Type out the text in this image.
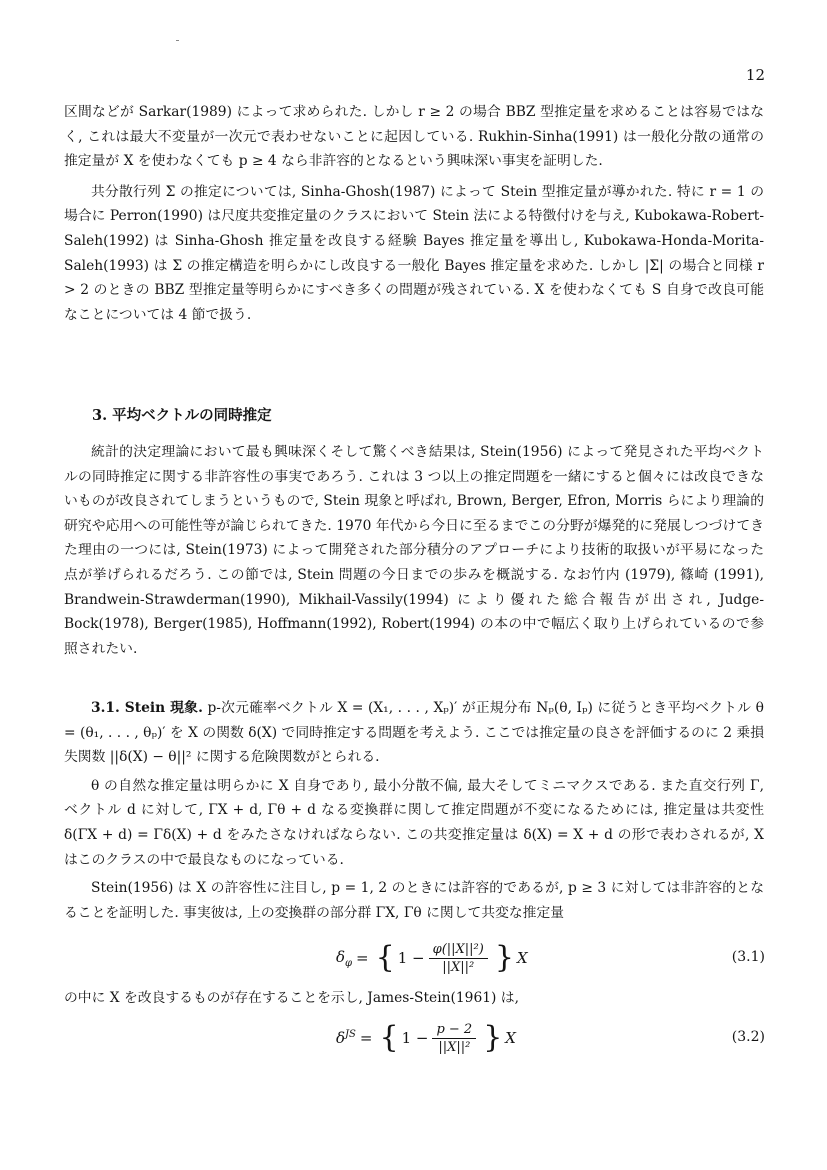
12

区間などが Sarkar(1989) によって求められた. しかし r ≥ 2 の場合 BBZ 型推定量を求めることは容易ではなく, これは最大不変量が一次元で表わせないことに起因している. Rukhin-Sinha(1991) は一般化分散の通常の推定量が X を使わなくても p ≥ 4 なら非許容的となるという興味深い事実を証明した.

共分散行列 Σ の推定については, Sinha-Ghosh(1987) によって Stein 型推定量が導かれた. 特に r = 1 の場合に Perron(1990) は尺度共変推定量のクラスにおいて Stein 法による特徴付けを与え, Kubokawa-Robert-Saleh(1992) は Sinha-Ghosh 推定量を改良する経験 Bayes 推定量を導出し, Kubokawa-Honda-Morita-Saleh(1993) は Σ の推定構造を明らかにし改良する一般化 Bayes 推定量を求めた. しかし |Σ| の場合と同様 r > 2 のときの BBZ 型推定量等明らかにすべき多くの問題が残されている. X を使わなくても S 自身で改良可能なことについては 4 節で扱う.

3. 平均ベクトルの同時推定

統計的決定理論において最も興味深くそして驚くべき結果は, Stein(1956) によって発見された平均ベクトルの同時推定に関する非許容性の事実であろう. これは 3 つ以上の推定問題を一緒にすると個々には改良できないものが改良されてしまうというもので, Stein 現象と呼ばれ, Brown, Berger, Efron, Morris らにより理論的研究や応用への可能性等が論じられてきた. 1970 年代から今日に至るまでこの分野が爆発的に発展しつづけてきた理由の一つには, Stein(1973) によって開発された部分積分のアプローチにより技術的取扱いが平易になった点が挙げられるだろう. この節では, Stein 問題の今日までの歩みを概説する. なお竹内 (1979), 篠崎 (1991), Brandwein-Strawderman(1990), Mikhail-Vassily(1994) により優れた総合報告が出され, Judge-Bock(1978), Berger(1985), Hoffmann(1992), Robert(1994) の本の中で幅広く取り上げられているので参照されたい.

3.1. Stein 現象. p-次元確率ベクトル X = (X₁, . . . , Xₚ)′ が正規分布 Nₚ(θ, Iₚ) に従うとき平均ベクトル θ = (θ₁, . . . , θₚ)′ を X の関数 δ(X) で同時推定する問題を考えよう. ここでは推定量の良さを評価するのに 2 乗損失関数 ||δ(X) − θ||² に関する危険関数がとられる.

θ の自然な推定量は明らかに X 自身であり, 最小分散不偏, 最大そしてミニマクスである. また直交行列 Γ, ベクトル d に対して, ΓX + d, Γθ + d なる変換群に関して推定問題が不変になるためには, 推定量は共変性 δ(ΓX + d) = Γδ(X) + d をみたさなければならない. この共変推定量は δ(X) = X + d の形で表わされるが, X はこのクラスの中で最良なものになっている.

Stein(1956) は X の許容性に注目し, p = 1, 2 のときには許容的であるが, p ≥ 3 に対しては非許容的となることを証明した. 事実彼は, 上の変換群の部分群 ΓX, Γθ に関して共変な推定量

$\delta_\varphi$ = { $1 - \frac{\text{φ(||X||²)}}{\text{||X||²}}$ } X	(3.1)
の中に X を改良するものが存在することを示し, James-Stein(1961) は,
$\delta^{JS}$ = { $1 - \frac{p - 2}{\text{||X||²}}$ } X	(3.2)
